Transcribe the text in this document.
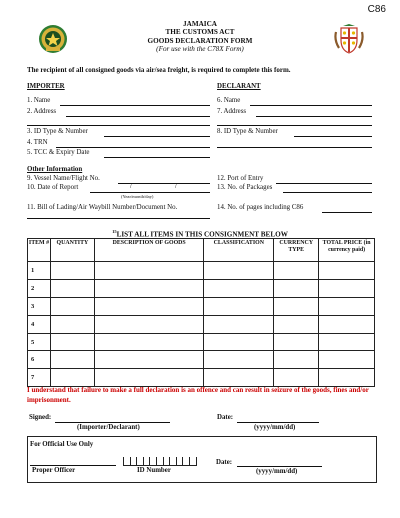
C86
JAMAICA
THE CUSTOMS ACT
GOODS DECLARATION FORM
(For use with the C78X Form)
The recipient of all consigned goods via air/sea freight, is required to complete this form.
IMPORTER
1. Name
2. Address
3. ID Type & Number
4. TRN
5. TCC & Expiry Date
DECLARANT
6. Name
7. Address
8. ID Type & Number
Other Information
9. Vessel Name/Flight No.
10. Date of Report	/	/
(Year/month/day)
11. Bill of Lading/Air Waybill Number/Document No.
12. Port of Entry
13. No. of Packages
14. No. of pages including C86
$^{15}$LIST ALL ITEMS IN THIS CONSIGNMENT BELOW
ITEM #	QUANTITY	DESCRIPTION OF GOODS	CLASSIFICATION	CURRENCY TYPE	TOTAL PRICE (in currency paid)
1					
2					
3					
4					
5					
6					
7					
I understand that failure to make a full declaration is an offence and can result in seizure of the goods, fines and/or imprisonment.
Signed:
(Importer/Declarant)
Date:
(yyyy/mm/dd)
For Official Use Only
Proper Officer	ID Number
Date:
(yyyy/mm/dd)
